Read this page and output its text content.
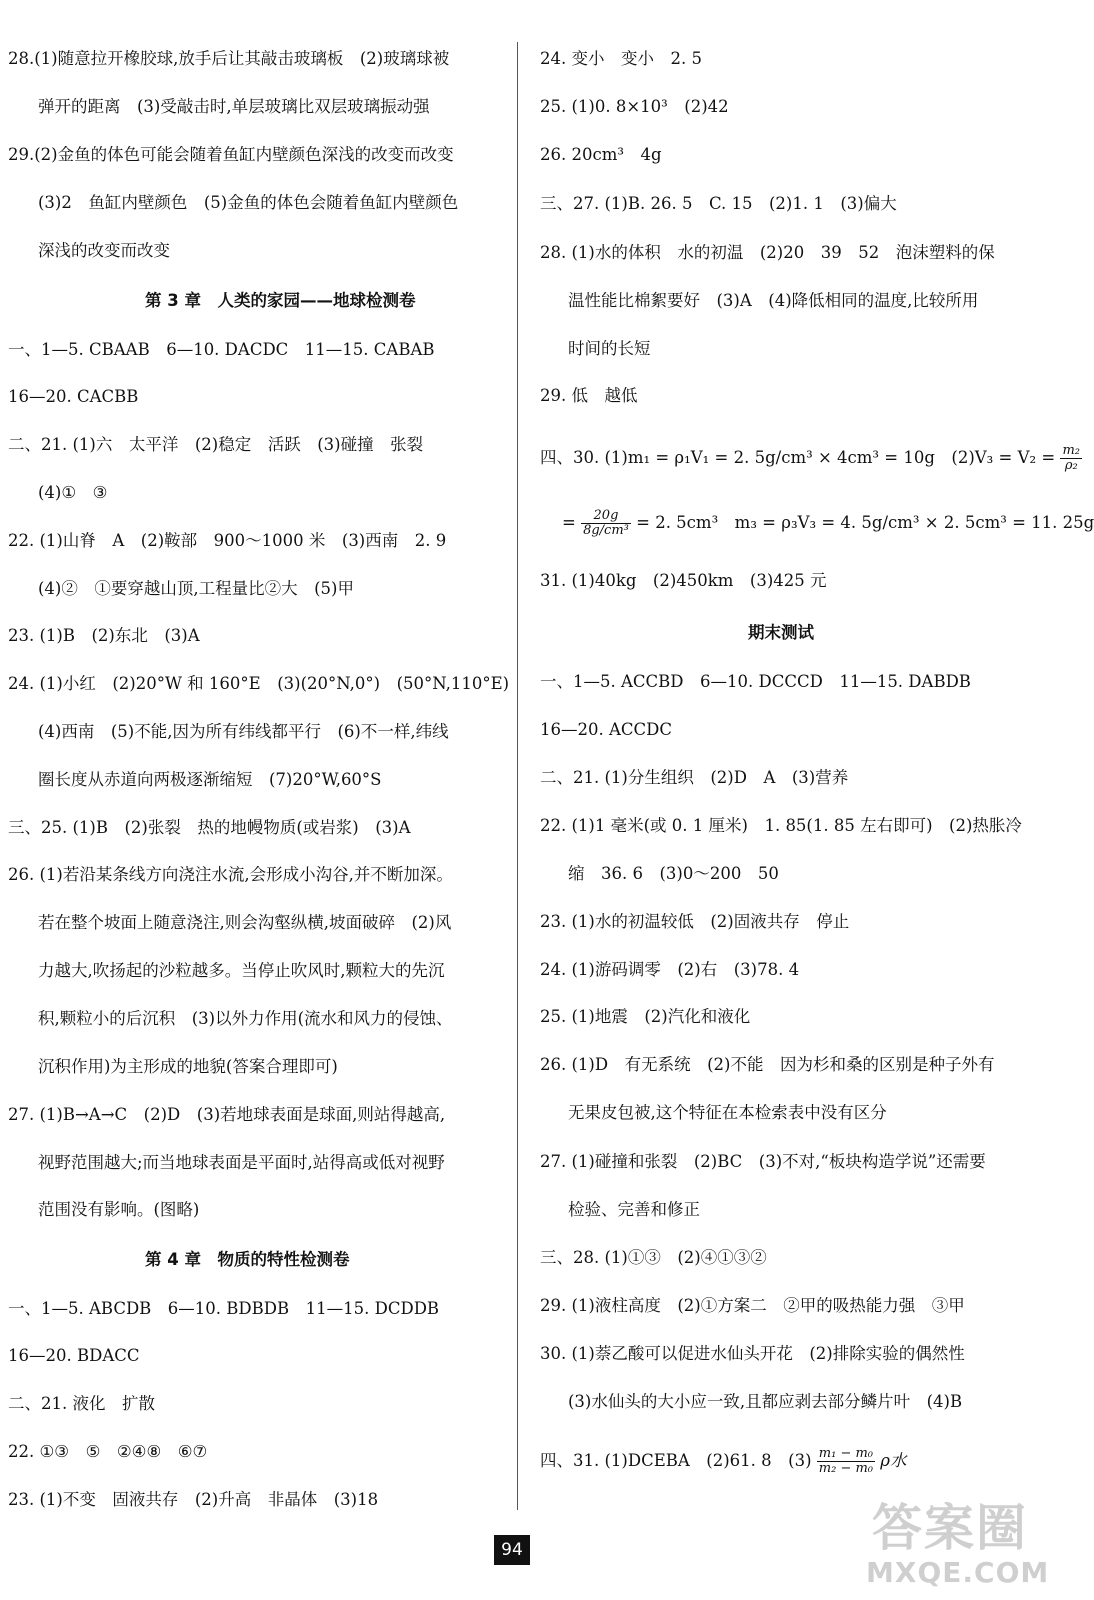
28.(1)随意拉开橡胶球,放手后让其敲击玻璃板　(2)玻璃球被
弹开的距离　(3)受敲击时,单层玻璃比双层玻璃振动强
29.(2)金鱼的体色可能会随着鱼缸内壁颜色深浅的改变而改变
(3)2　鱼缸内壁颜色　(5)金鱼的体色会随着鱼缸内壁颜色
深浅的改变而改变
第 3 章　人类的家园——地球检测卷
一、1—5. CBAAB　6—10. DACDC　11—15. CABAB
16—20. CACBB
二、21. (1)六　太平洋　(2)稳定　活跃　(3)碰撞　张裂
(4)①　③
22. (1)山脊　A　(2)鞍部　900～1000 米　(3)西南　2. 9
(4)②　①要穿越山顶,工程量比②大　(5)甲
23. (1)B　(2)东北　(3)A
24. (1)小红　(2)20°W 和 160°E　(3)(20°N,0°)　(50°N,110°E)
(4)西南　(5)不能,因为所有纬线都平行　(6)不一样,纬线
圈长度从赤道向两极逐渐缩短　(7)20°W,60°S
三、25. (1)B　(2)张裂　热的地幔物质(或岩浆)　(3)A
26. (1)若沿某条线方向浇注水流,会形成小沟谷,并不断加深。
若在整个坡面上随意浇注,则会沟壑纵横,坡面破碎　(2)风
力越大,吹扬起的沙粒越多。当停止吹风时,颗粒大的先沉
积,颗粒小的后沉积　(3)以外力作用(流水和风力的侵蚀、
沉积作用)为主形成的地貌(答案合理即可)
27. (1)B→A→C　(2)D　(3)若地球表面是球面,则站得越高,
视野范围越大;而当地球表面是平面时,站得高或低对视野
范围没有影响。(图略)
第 4 章　物质的特性检测卷
一、1—5. ABCDB　6—10. BDBDB　11—15. DCDDB
16—20. BDACC
二、21. 液化　扩散
22. ①③　⑤　②④⑧　⑥⑦
23. (1)不变　固液共存　(2)升高　非晶体　(3)18
24. 变小　变小　2. 5
25. (1)0. 8×10³　(2)42
26. 20cm³　4g
三、27. (1)B. 26. 5　C. 15　(2)1. 1　(3)偏大
28. (1)水的体积　水的初温　(2)20　39　52　泡沫塑料的保
温性能比棉絮要好　(3)A　(4)降低相同的温度,比较所用
时间的长短
29. 低　越低
四、30. (1)m₁ = ρ₁V₁ = 2. 5g/cm³ × 4cm³ = 10g　$(2)V_3 = V_2 = \frac{\text{m₂}}{\text{ρ₂}}$
= $\frac{20g}{\text{8g/cm³}} = 2$. 5cm³　m₃ = ρ₃V₃ = 4. 5g/cm³ × 2. 5cm³ = 11. 25g
31. (1)40kg　(2)450km　(3)425 元
期末测试
一、1—5. ACCBD　6—10. DCCCD　11—15. DABDB
16—20. ACCDC
二、21. (1)分生组织　(2)D　A　(3)营养
22. (1)1 毫米(或 0. 1 厘米)　1. 85(1. 85 左右即可)　(2)热胀冷
缩　36. 6　(3)0～200　50
23. (1)水的初温较低　(2)固液共存　停止
24. (1)游码调零　(2)右　(3)78. 4
25. (1)地震　(2)汽化和液化
26. (1)D　有无系统　(2)不能　因为杉和桑的区别是种子外有
无果皮包被,这个特征在本检索表中没有区分
27. (1)碰撞和张裂　(2)BC　(3)不对,“板块构造学说”还需要
检验、完善和修正
三、28. (1)①③　(2)④①③②
29. (1)液柱高度　(2)①方案二　②甲的吸热能力强　③甲
30. (1)萘乙酸可以促进水仙头开花　(2)排除实验的偶然性
(3)水仙头的大小应一致,且都应剥去部分鳞片叶　(4)B
四、31. (1)DCEBA　(2)61. 8　$(3) \frac{\text{m₁ − m₀}}{\text{m₂ − m₀}}$ ρ水
94	答案圈
MXQE.COM
